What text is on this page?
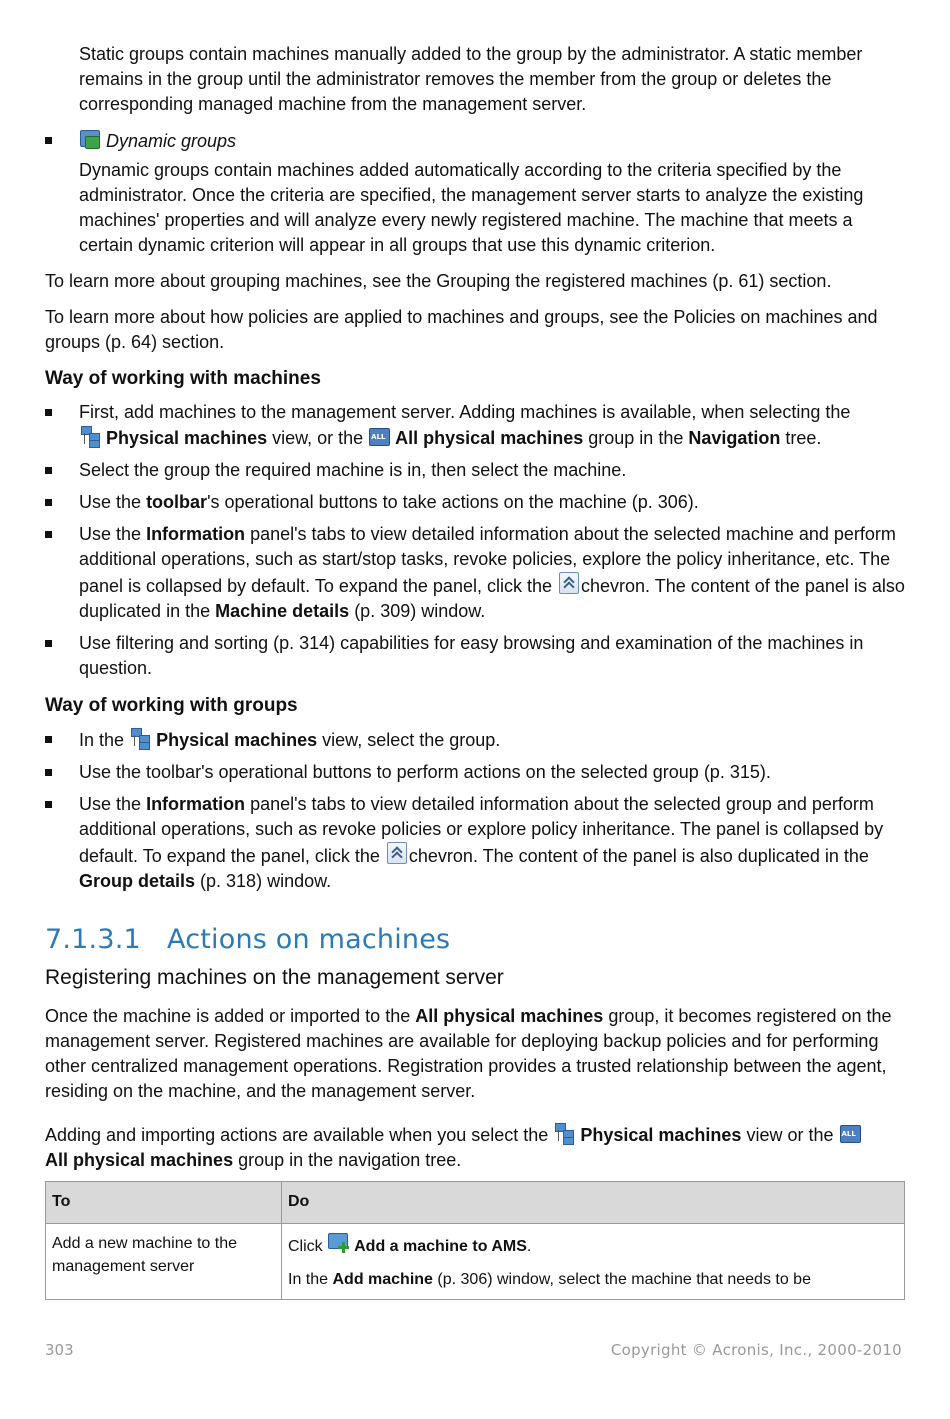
Static groups contain machines manually added to the group by the administrator. A static member remains in the group until the administrator removes the member from the group or deletes the corresponding managed machine from the management server.

Dynamic groups

Dynamic groups contain machines added automatically according to the criteria specified by the administrator. Once the criteria are specified, the management server starts to analyze the existing machines' properties and will analyze every newly registered machine. The machine that meets a certain dynamic criterion will appear in all groups that use this dynamic criterion.

To learn more about grouping machines, see the Grouping the registered machines (p. 61) section.

To learn more about how policies are applied to machines and groups, see the Policies on machines and groups (p. 64) section.

Way of working with machines
First, add machines to the management server. Adding machines is available, when selecting the

Physical machines view, or the ALL All physical machines group in the Navigation tree.
Select the group the required machine is in, then select the machine.
Use the toolbar's operational buttons to take actions on the machine (p. 306).
Use the Information panel's tabs to view detailed information about the selected machine and perform additional operations, such as start/stop tasks, revoke policies, explore the policy inheritance, etc. The panel is collapsed by default. To expand the panel, click the chevron. The content of the panel is also duplicated in the Machine details (p. 309) window.
Use filtering and sorting (p. 314) capabilities for easy browsing and examination of the machines in question.
Way of working with groups
In the Physical machines view, select the group.
Use the toolbar's operational buttons to perform actions on the selected group (p. 315).
Use the Information panel's tabs to view detailed information about the selected group and perform additional operations, such as revoke policies or explore policy inheritance. The panel is collapsed by default. To expand the panel, click the chevron. The content of the panel is also duplicated in the Group details (p. 318) window.
7.1.3.1 Actions on machines
Registering machines on the management server

Once the machine is added or imported to the All physical machines group, it becomes registered on the management server. Registered machines are available for deploying backup policies and for performing other centralized management operations. Registration provides a trusted relationship between the agent, residing on the machine, and the management server.

Adding and importing actions are available when you select the Physical machines view or the ALL

All physical machines group in the navigation tree.

To	Do
Add a new machine to the management server	Click Add a machine to AMS.

In the Add machine (p. 306) window, select the machine that needs to be

303	Copyright © Acronis, Inc., 2000-2010
